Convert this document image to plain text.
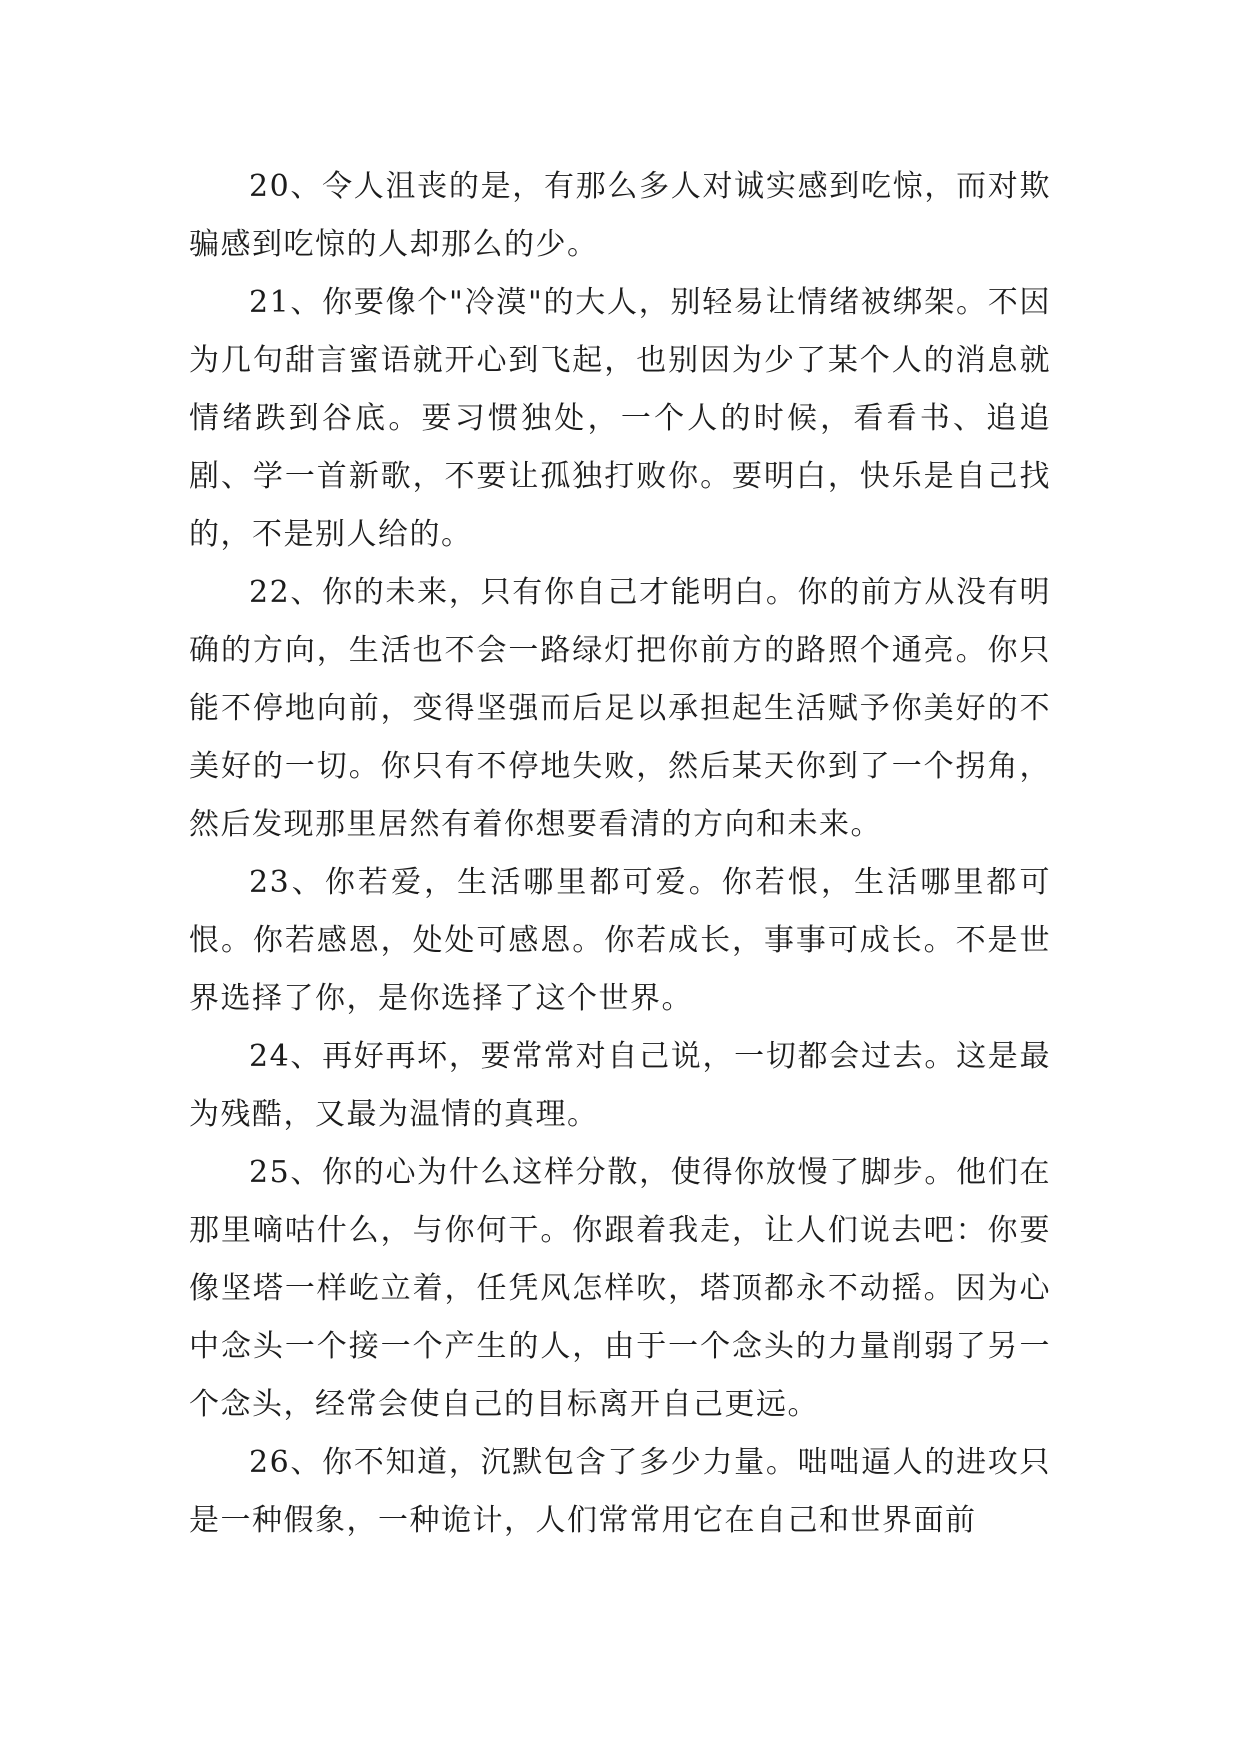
20、令人沮丧的是，有那么多人对诚实感到吃惊，而对欺骗感到吃惊的人却那么的少。

21、你要像个"冷漠"的大人，别轻易让情绪被绑架。不因为几句甜言蜜语就开心到飞起，也别因为少了某个人的消息就情绪跌到谷底。要习惯独处，一个人的时候，看看书、追追剧、学一首新歌，不要让孤独打败你。要明白，快乐是自己找的，不是别人给的。

22、你的未来，只有你自己才能明白。你的前方从没有明确的方向，生活也不会一路绿灯把你前方的路照个通亮。你只能不停地向前，变得坚强而后足以承担起生活赋予你美好的不美好的一切。你只有不停地失败，然后某天你到了一个拐角，然后发现那里居然有着你想要看清的方向和未来。

23、你若爱，生活哪里都可爱。你若恨，生活哪里都可恨。你若感恩，处处可感恩。你若成长，事事可成长。不是世界选择了你，是你选择了这个世界。

24、再好再坏，要常常对自己说，一切都会过去。这是最为残酷，又最为温情的真理。

25、你的心为什么这样分散，使得你放慢了脚步。他们在那里嘀咕什么，与你何干。你跟着我走，让人们说去吧：你要像坚塔一样屹立着，任凭风怎样吹，塔顶都永不动摇。因为心中念头一个接一个产生的人，由于一个念头的力量削弱了另一个念头，经常会使自己的目标离开自己更远。

26、你不知道，沉默包含了多少力量。咄咄逼人的进攻只是一种假象，一种诡计，人们常常用它在自己和世界面前
